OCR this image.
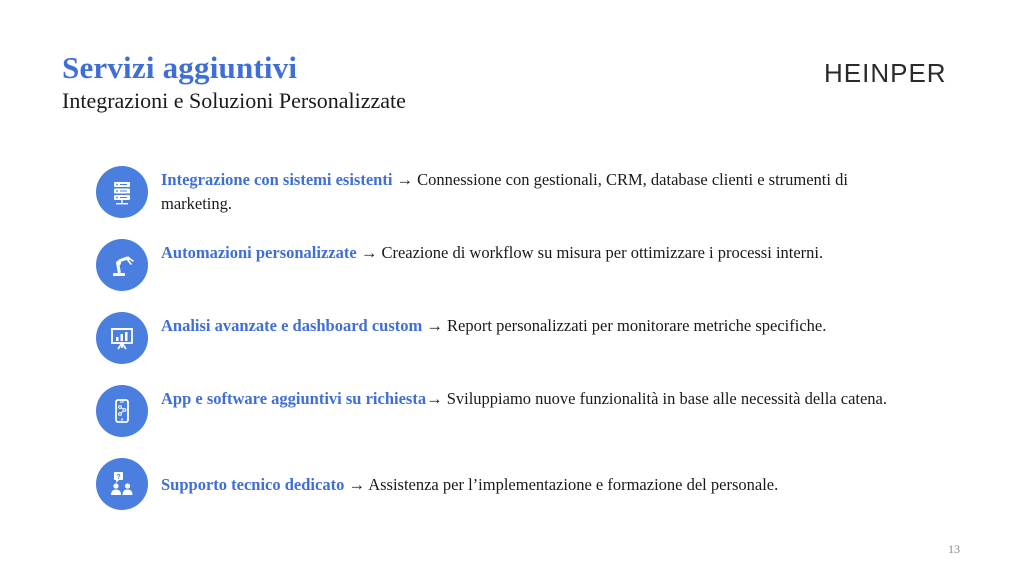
Servizi aggiuntivi
Integrazioni e Soluzioni Personalizzate
HEINPER
Integrazione con sistemi esistenti → Connessione con gestionali, CRM, database clienti e strumenti di marketing.
Automazioni personalizzate → Creazione di workflow su misura per ottimizzare i processi interni.
Analisi avanzate e dashboard custom → Report personalizzati per monitorare metriche specifiche.
App e software aggiuntivi su richiesta→ Sviluppiamo nuove funzionalità in base alle necessità della catena.
? Supporto tecnico dedicato → Assistenza per l’implementazione e formazione del personale.
13
